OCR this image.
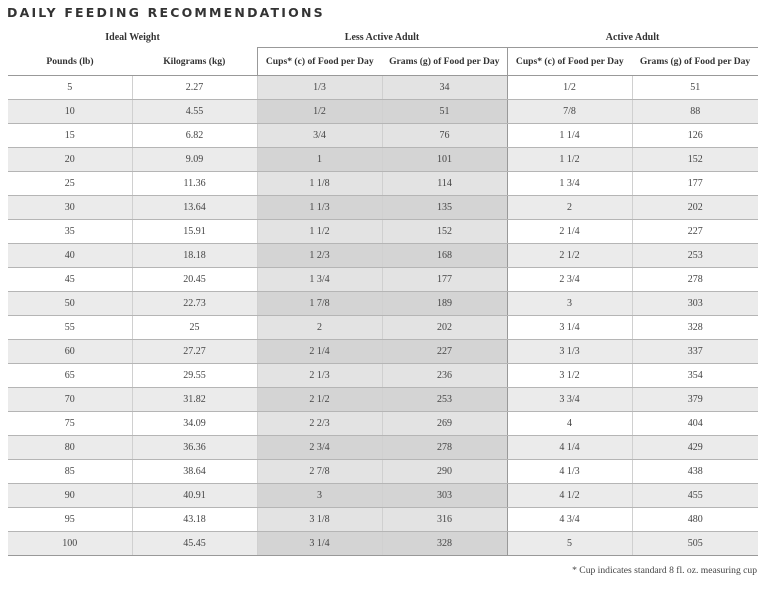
DAILY FEEDING RECOMMENDATIONS
Ideal Weight		Less Active Adult		Active Adult	
Pounds (lb)	Kilograms (kg)	Cups* (c) of Food per Day	Grams (g) of Food per Day	Cups* (c) of Food per Day	Grams (g) of Food per Day
5	2.27	1/3	34	1/2	51
10	4.55	1/2	51	7/8	88
15	6.82	3/4	76	1 1/4	126
20	9.09	1	101	1 1/2	152
25	11.36	1 1/8	114	1 3/4	177
30	13.64	1 1/3	135	2	202
35	15.91	1 1/2	152	2 1/4	227
40	18.18	1 2/3	168	2 1/2	253
45	20.45	1 3/4	177	2 3/4	278
50	22.73	1 7/8	189	3	303
55	25	2	202	3 1/4	328
60	27.27	2 1/4	227	3 1/3	337
65	29.55	2 1/3	236	3 1/2	354
70	31.82	2 1/2	253	3 3/4	379
75	34.09	2 2/3	269	4	404
80	36.36	2 3/4	278	4 1/4	429
85	38.64	2 7/8	290	4 1/3	438
90	40.91	3	303	4 1/2	455
95	43.18	3 1/8	316	4 3/4	480
100	45.45	3 1/4	328	5	505
* Cup indicates standard 8 fl. oz. measuring cup
